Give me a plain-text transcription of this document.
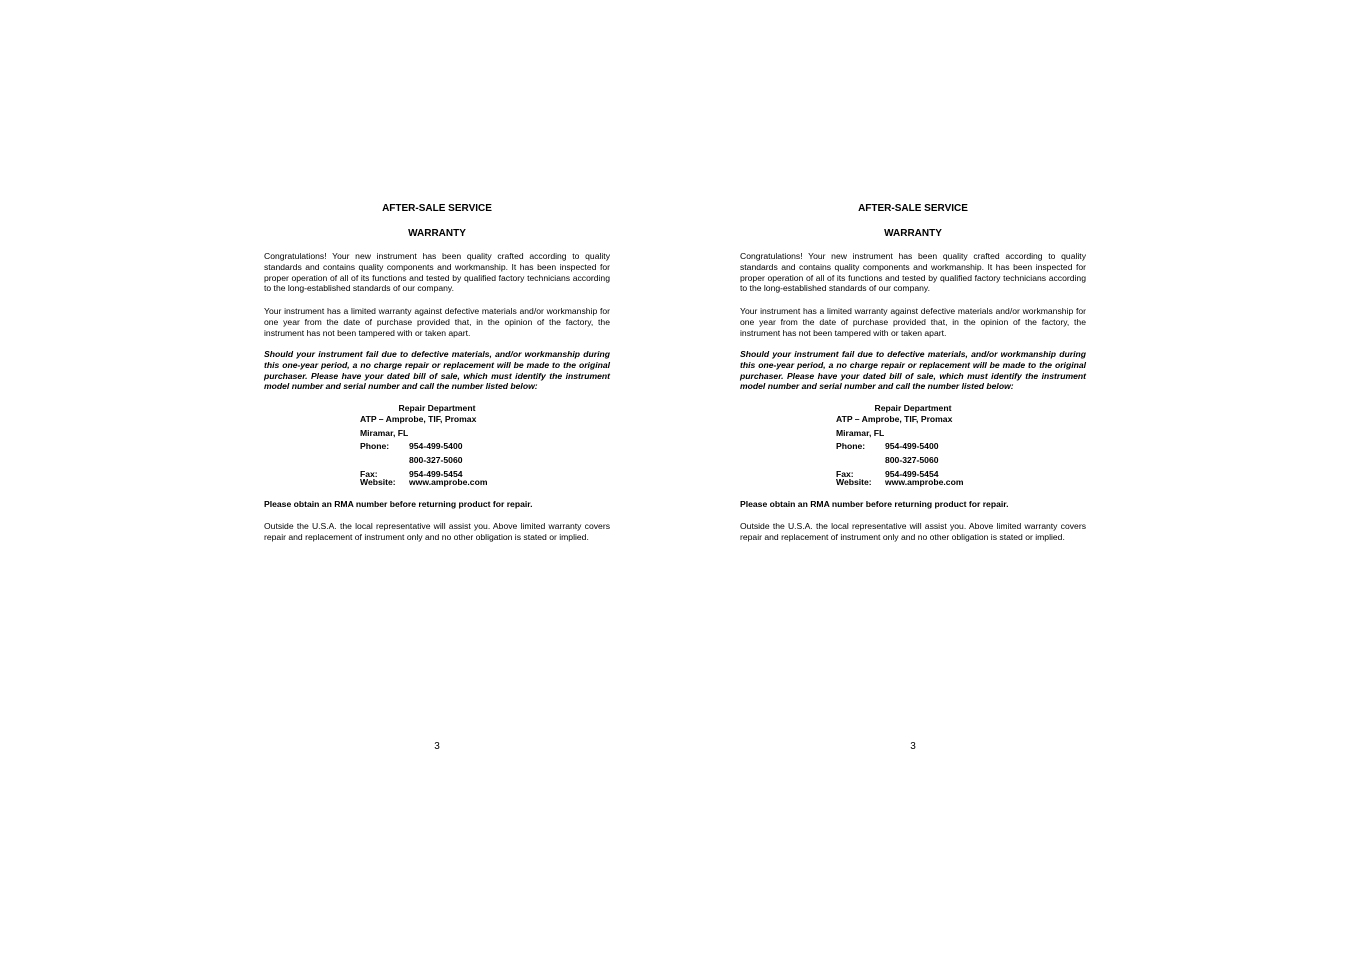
AFTER-SALE SERVICE
WARRANTY
Congratulations! Your new instrument has been quality crafted according to quality standards and contains quality components and workmanship. It has been inspected for proper operation of all of its functions and tested by qualified factory technicians according to the long-established standards of our company.
Your instrument has a limited warranty against defective materials and/or workmanship for one year from the date of purchase provided that, in the opinion of the factory, the instrument has not been tampered with or taken apart.
Should your instrument fail due to defective materials, and/or workmanship during this one-year period, a no charge repair or replacement will be made to the original purchaser. Please have your dated bill of sale, which must identify the instrument model number and serial number and call the number listed below:
Repair Department
ATP – Amprobe, TIF, Promax
Miramar, FL
Phone: 954-499-5400
800-327-5060
Fax:	954-499-5454
Website: www.amprobe.com
Please obtain an RMA number before returning product for repair.
Outside the U.S.A. the local representative will assist you. Above limited warranty covers repair and replacement of instrument only and no other obligation is stated or implied.
3
AFTER-SALE SERVICE
WARRANTY
Congratulations! Your new instrument has been quality crafted according to quality standards and contains quality components and workmanship. It has been inspected for proper operation of all of its functions and tested by qualified factory technicians according to the long-established standards of our company.
Your instrument has a limited warranty against defective materials and/or workmanship for one year from the date of purchase provided that, in the opinion of the factory, the instrument has not been tampered with or taken apart.
Should your instrument fail due to defective materials, and/or workmanship during this one-year period, a no charge repair or replacement will be made to the original purchaser. Please have your dated bill of sale, which must identify the instrument model number and serial number and call the number listed below:
Repair Department
ATP – Amprobe, TIF, Promax
Miramar, FL
Phone: 954-499-5400
800-327-5060
Fax:	954-499-5454
Website: www.amprobe.com
Please obtain an RMA number before returning product for repair.
Outside the U.S.A. the local representative will assist you. Above limited warranty covers repair and replacement of instrument only and no other obligation is stated or implied.
3
